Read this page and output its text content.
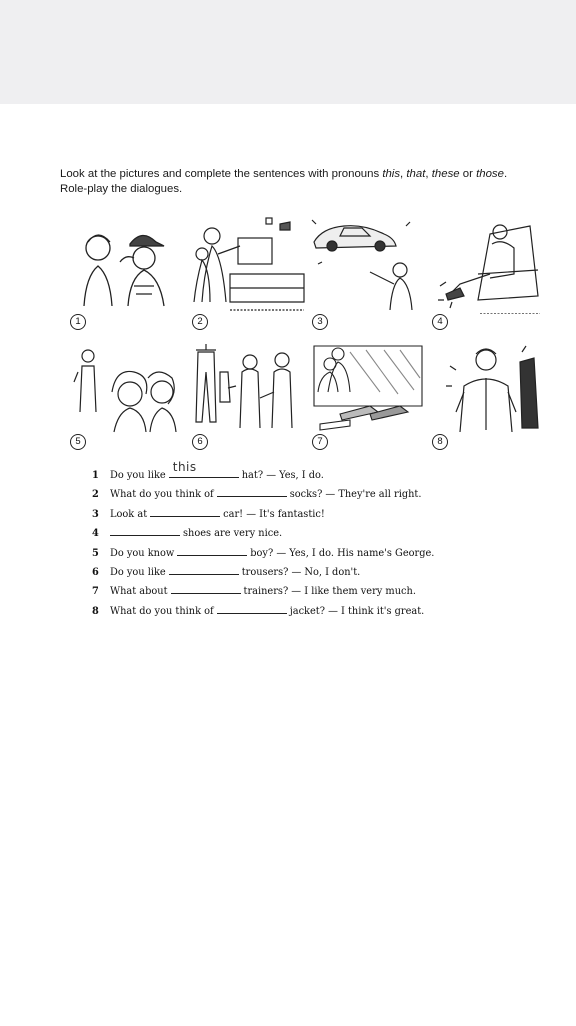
Look at the pictures and complete the sentences with pronouns this, that, these or those.
Role-play the dialogues.
1	2	3	4
5	6	7	8
1 Do you like
this
hat? — Yes, I do.
2 What do you think of	socks? — They're all right.
3 Look at	car! — It's fantastic!
4	shoes are very nice.
5 Do you know	boy? — Yes, I do. His name's George.
6 Do you like	trousers? — No, I don't.
7 What about	trainers? — I like them very much.
8 What do you think of	jacket? — I think it's great.
